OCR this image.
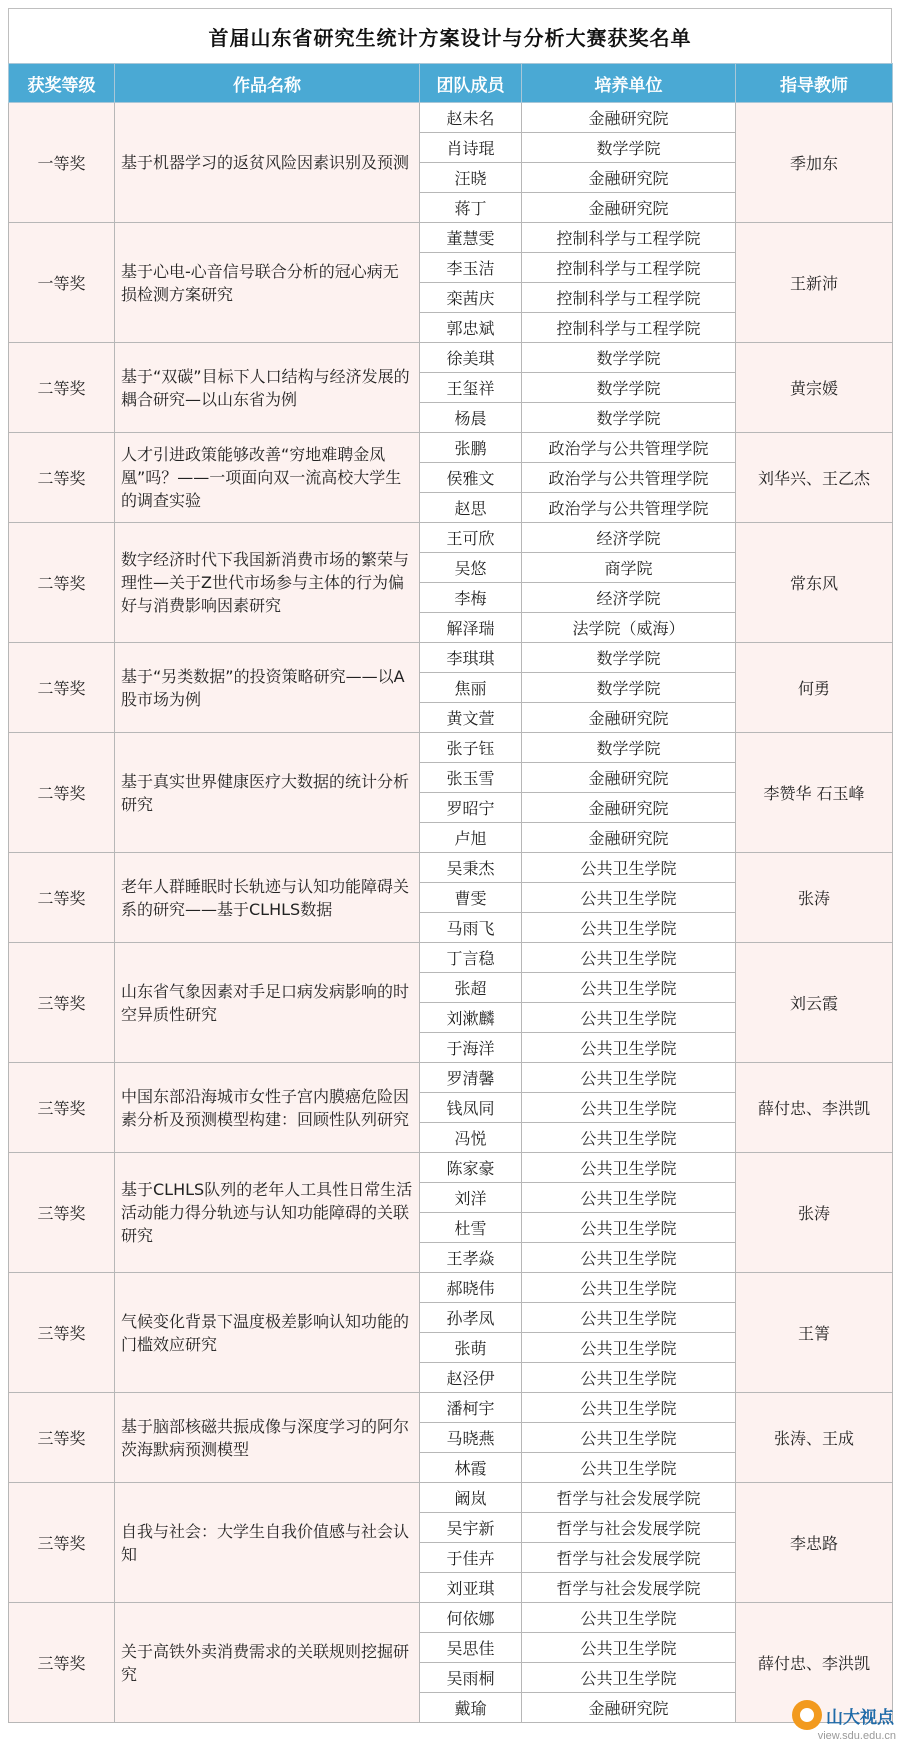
首届山东省研究生统计方案设计与分析大赛获奖名单
获奖等级	作品名称	团队成员	培养单位	指导教师
一等奖	基于机器学习的返贫风险因素识别及预测	赵未名	金融研究院	季加东
		肖诗琨	数学学院	
		汪晓	金融研究院	
		蒋丁	金融研究院	
一等奖	基于心电-心音信号联合分析的冠心病无损检测方案研究	董慧雯	控制科学与工程学院	王新沛
		李玉洁	控制科学与工程学院	
		栾茜庆	控制科学与工程学院	
		郭忠斌	控制科学与工程学院	
二等奖	基于“双碳”目标下人口结构与经济发展的耦合研究—以山东省为例	徐美琪	数学学院	黄宗媛
		王玺祥	数学学院	
		杨晨	数学学院	
二等奖	人才引进政策能够改善“穷地难聘金凤凰”吗？——一项面向双一流高校大学生的调查实验	张鹏	政治学与公共管理学院	刘华兴、王乙杰
		侯雅文	政治学与公共管理学院	
		赵思	政治学与公共管理学院	
二等奖	数字经济时代下我国新消费市场的繁荣与理性—关于Z世代市场参与主体的行为偏好与消费影响因素研究	王可欣	经济学院	常东风
		吴悠	商学院	
		李梅	经济学院	
		解泽瑞	法学院（威海）	
二等奖	基于“另类数据”的投资策略研究——以A股市场为例	李琪琪	数学学院	何勇
		焦丽	数学学院	
		黄文萱	金融研究院	
二等奖	基于真实世界健康医疗大数据的统计分析研究	张子钰	数学学院	李赞华 石玉峰
		张玉雪	金融研究院	
		罗昭宁	金融研究院	
		卢旭	金融研究院	
二等奖	老年人群睡眠时长轨迹与认知功能障碍关系的研究——基于CLHLS数据	吴秉杰	公共卫生学院	张涛
		曹雯	公共卫生学院	
		马雨飞	公共卫生学院	
三等奖	山东省气象因素对手足口病发病影响的时空异质性研究	丁言稳	公共卫生学院	刘云霞
		张超	公共卫生学院	
		刘漱麟	公共卫生学院	
		于海洋	公共卫生学院	
三等奖	中国东部沿海城市女性子宫内膜癌危险因素分析及预测模型构建：回顾性队列研究	罗清馨	公共卫生学院	薛付忠、李洪凯
		钱凤同	公共卫生学院	
		冯悦	公共卫生学院	
三等奖	基于CLHLS队列的老年人工具性日常生活活动能力得分轨迹与认知功能障碍的关联研究	陈家豪	公共卫生学院	张涛
		刘洋	公共卫生学院	
		杜雪	公共卫生学院	
		王孝焱	公共卫生学院	
三等奖	气候变化背景下温度极差影响认知功能的门槛效应研究	郝晓伟	公共卫生学院	王箐
		孙孝凤	公共卫生学院	
		张萌	公共卫生学院	
		赵泾伊	公共卫生学院	
三等奖	基于脑部核磁共振成像与深度学习的阿尔茨海默病预测模型	潘柯宇	公共卫生学院	张涛、王成
		马晓燕	公共卫生学院	
		林霞	公共卫生学院	
三等奖	自我与社会：大学生自我价值感与社会认知	阚岚	哲学与社会发展学院	李忠路
		吴宇新	哲学与社会发展学院	
		于佳卉	哲学与社会发展学院	
		刘亚琪	哲学与社会发展学院	
三等奖	关于高铁外卖消费需求的关联规则挖掘研究	何依娜	公共卫生学院	薛付忠、李洪凯
		吴思佳	公共卫生学院	
		吴雨桐	公共卫生学院	
		戴瑜	金融研究院		山大视点
view.sdu.edu.cn
